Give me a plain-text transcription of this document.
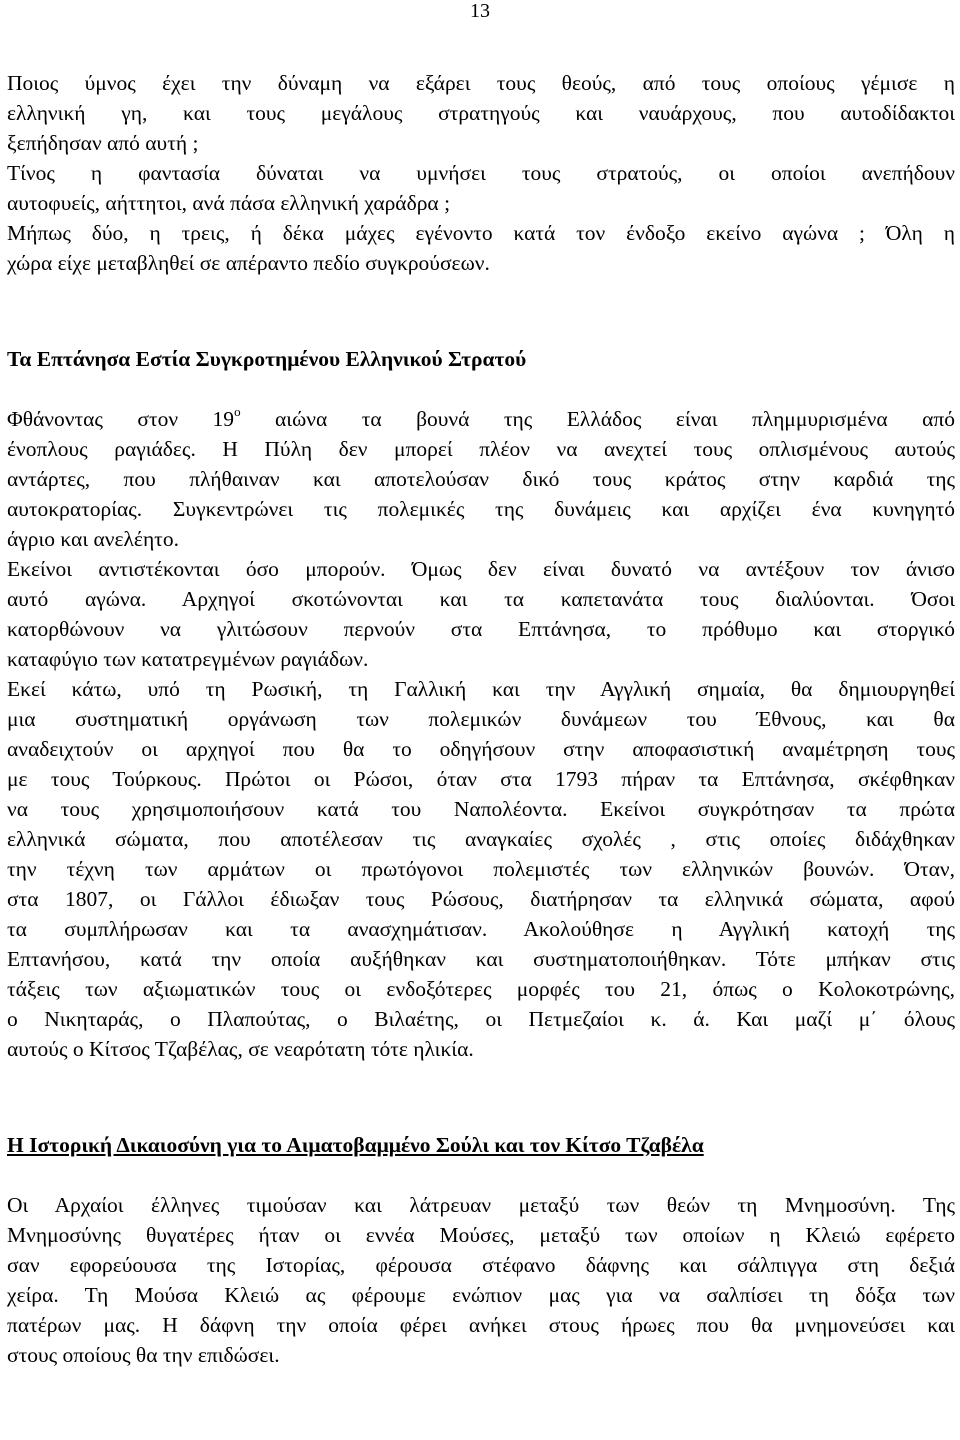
13
Ποιος ύμνος έχει την δύναμη να εξάρει τους θεούς, από τους οποίους γέμισε η
ελληνική γη, και τους μεγάλους στρατηγούς και ναυάρχους, που αυτοδίδακτοι
ξεπήδησαν από αυτή ;
Τίνος η φαντασία δύναται να υμνήσει τους στρατούς, οι οποίοι ανεπήδουν
αυτοφυείς, αήττητοι, ανά πάσα ελληνική χαράδρα ;
Μήπως δύο, η τρεις, ή δέκα μάχες εγένοντο κατά τον ένδοξο εκείνο αγώνα ; Όλη η
χώρα είχε μεταβληθεί σε απέραντο πεδίο συγκρούσεων.
Τα Επτάνησα Εστία Συγκροτημένου Ελληνικού Στρατού
Φθάνοντας στον $19^o$ αιώνα τα βουνά της Ελλάδος είναι πλημμυρισμένα από
ένοπλους ραγιάδες. Η Πύλη δεν μπορεί πλέον να ανεχτεί τους οπλισμένους αυτούς
αντάρτες, που πλήθαιναν και αποτελούσαν δικό τους κράτος στην καρδιά της
αυτοκρατορίας. Συγκεντρώνει τις πολεμικές της δυνάμεις και αρχίζει ένα κυνηγητό
άγριο και ανελέητο.
Εκείνοι αντιστέκονται όσο μπορούν. Όμως δεν είναι δυνατό να αντέξουν τον άνισο
αυτό αγώνα. Αρχηγοί σκοτώνονται και τα καπετανάτα τους διαλύονται. Όσοι
κατορθώνουν να γλιτώσουν περνούν στα Επτάνησα, το πρόθυμο και στοργικό
καταφύγιο των κατατρεγμένων ραγιάδων.
Εκεί κάτω, υπό τη Ρωσική, τη Γαλλική και την Αγγλική σημαία, θα δημιουργηθεί
μια συστηματική οργάνωση των πολεμικών δυνάμεων του Έθνους, και θα
αναδειχτούν οι αρχηγοί που θα το οδηγήσουν στην αποφασιστική αναμέτρηση τους
με τους Τούρκους. Πρώτοι οι Ρώσοι, όταν στα 1793 πήραν τα Επτάνησα, σκέφθηκαν
να τους χρησιμοποιήσουν κατά του Ναπολέοντα. Εκείνοι συγκρότησαν τα πρώτα
ελληνικά σώματα, που αποτέλεσαν τις αναγκαίες σχολές , στις οποίες διδάχθηκαν
την τέχνη των αρμάτων οι πρωτόγονοι πολεμιστές των ελληνικών βουνών. Όταν,
στα 1807, οι Γάλλοι έδιωξαν τους Ρώσους, διατήρησαν τα ελληνικά σώματα, αφού
τα συμπλήρωσαν και τα ανασχημάτισαν. Ακολούθησε η Αγγλική κατοχή της
Επτανήσου, κατά την οποία αυξήθηκαν και συστηματοποιήθηκαν. Τότε μπήκαν στις
τάξεις των αξιωματικών τους οι ενδοξότερες μορφές του 21, όπως ο Κολοκοτρώνης,
ο Νικηταράς, ο Πλαπούτας, ο Βιλαέτης, οι Πετμεζαίοι κ. ά. Και μαζί μ΄ όλους
αυτούς ο Κίτσος Τζαβέλας, σε νεαρότατη τότε ηλικία.
Η Ιστορική Δικαιοσύνη για το Αιματοβαμμένο Σούλι και τον Κίτσο Τζαβέλα
Οι Αρχαίοι έλληνες τιμούσαν και λάτρευαν μεταξύ των θεών τη Μνημοσύνη. Της
Μνημοσύνης θυγατέρες ήταν οι εννέα Μούσες, μεταξύ των οποίων η Κλειώ εφέρετο
σαν εφορεύουσα της Ιστορίας, φέρουσα στέφανο δάφνης και σάλπιγγα στη δεξιά
χείρα. Τη Μούσα Κλειώ ας φέρουμε ενώπιον μας για να σαλπίσει τη δόξα των
πατέρων μας. Η δάφνη την οποία φέρει ανήκει στους ήρωες που θα μνημονεύσει και
στους οποίους θα την επιδώσει.
